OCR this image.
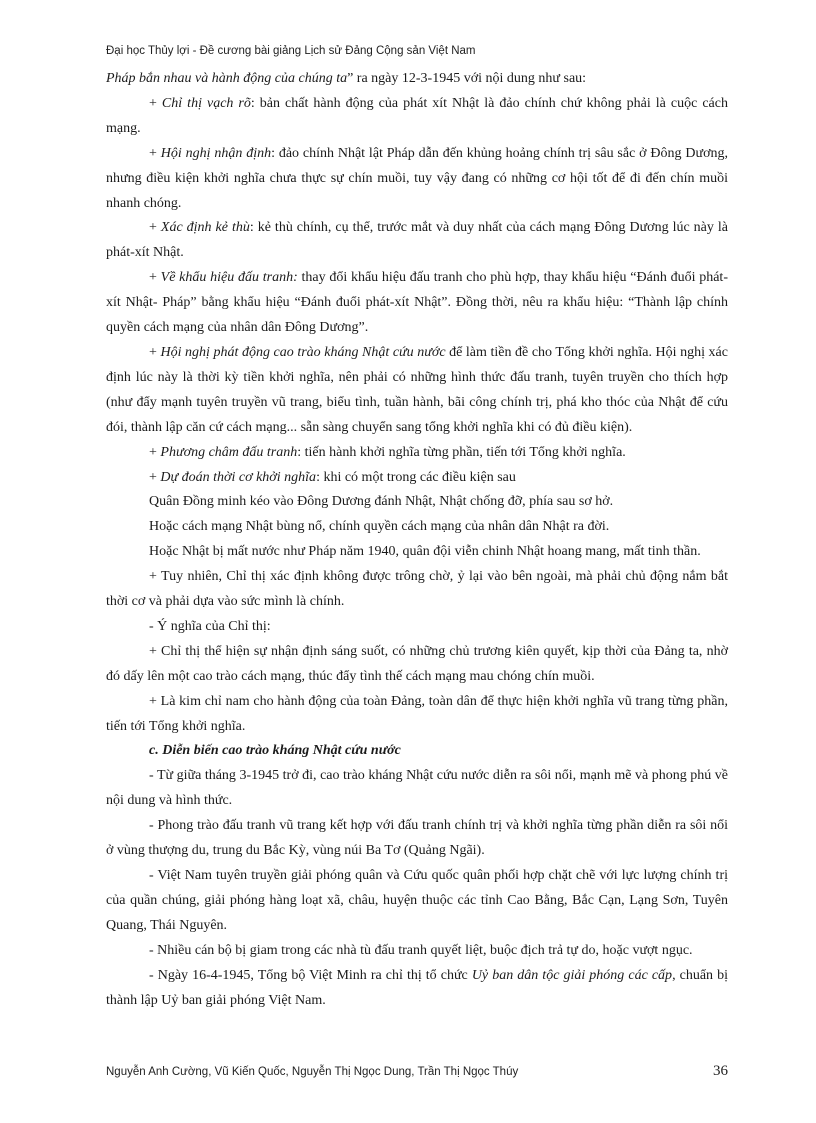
Đại học Thủy lợi - Đề cương bài giảng Lịch sử Đảng Cộng sản Việt Nam

Pháp bắn nhau và hành động của chúng ta” ra ngày 12-3-1945 với nội dung như sau:

+ Chỉ thị vạch rõ: bản chất hành động của phát xít Nhật là đảo chính chứ không phải là cuộc cách mạng.

+ Hội nghị nhận định: đảo chính Nhật lật Pháp dẫn đến khủng hoảng chính trị sâu sắc ở Đông Dương, nhưng điều kiện khởi nghĩa chưa thực sự chín muồi, tuy vậy đang có những cơ hội tốt để đi đến chín muồi nhanh chóng.

+ Xác định kẻ thù: kẻ thù chính, cụ thể, trước mắt và duy nhất của cách mạng Đông Dương lúc này là phát-xít Nhật.

+ Về khẩu hiệu đấu tranh: thay đổi khẩu hiệu đấu tranh cho phù hợp, thay khẩu hiệu “Đánh đuổi phát-xít Nhật- Pháp” bằng khẩu hiệu “Đánh đuổi phát-xít Nhật”. Đồng thời, nêu ra khẩu hiệu: “Thành lập chính quyền cách mạng của nhân dân Đông Dương”.

+ Hội nghị phát động cao trào kháng Nhật cứu nước để làm tiền đề cho Tổng khởi nghĩa. Hội nghị xác định lúc này là thời kỳ tiền khởi nghĩa, nên phải có những hình thức đấu tranh, tuyên truyền cho thích hợp (như đẩy mạnh tuyên truyền vũ trang, biểu tình, tuần hành, bãi công chính trị, phá kho thóc của Nhật để cứu đói, thành lập căn cứ cách mạng... sẵn sàng chuyển sang tổng khởi nghĩa khi có đủ điều kiện).

+ Phương châm đấu tranh: tiến hành khởi nghĩa từng phần, tiến tới Tổng khởi nghĩa.

+ Dự đoán thời cơ khởi nghĩa: khi có một trong các điều kiện sau

Quân Đồng minh kéo vào Đông Dương đánh Nhật, Nhật chống đỡ, phía sau sơ hở.

Hoặc cách mạng Nhật bùng nổ, chính quyền cách mạng của nhân dân Nhật ra đời.

Hoặc Nhật bị mất nước như Pháp năm 1940, quân đội viễn chinh Nhật hoang mang, mất tinh thần.

+ Tuy nhiên, Chỉ thị xác định không được trông chờ, ỷ lại vào bên ngoài, mà phải chủ động nắm bắt thời cơ và phải dựa vào sức mình là chính.

- Ý nghĩa của Chỉ thị:

+ Chỉ thị thể hiện sự nhận định sáng suốt, có những chủ trương kiên quyết, kịp thời của Đảng ta, nhờ đó dấy lên một cao trào cách mạng, thúc đẩy tình thế cách mạng mau chóng chín muồi.

+ Là kim chỉ nam cho hành động của toàn Đảng, toàn dân để thực hiện khởi nghĩa vũ trang từng phần, tiến tới Tổng khởi nghĩa.

c. Diễn biến cao trào kháng Nhật cứu nước

- Từ giữa tháng 3-1945 trở đi, cao trào kháng Nhật cứu nước diễn ra sôi nổi, mạnh mẽ và phong phú về nội dung và hình thức.

- Phong trào đấu tranh vũ trang kết hợp với đấu tranh chính trị và khởi nghĩa từng phần diễn ra sôi nổi ở vùng thượng du, trung du Bắc Kỳ, vùng núi Ba Tơ (Quảng Ngãi).

- Việt Nam tuyên truyền giải phóng quân và Cứu quốc quân phối hợp chặt chẽ với lực lượng chính trị của quần chúng, giải phóng hàng loạt xã, châu, huyện thuộc các tỉnh Cao Bằng, Bắc Cạn, Lạng Sơn, Tuyên Quang, Thái Nguyên.

- Nhiều cán bộ bị giam trong các nhà tù đấu tranh quyết liệt, buộc địch trả tự do, hoặc vượt ngục.

- Ngày 16-4-1945, Tổng bộ Việt Minh ra chỉ thị tổ chức Uỷ ban dân tộc giải phóng các cấp, chuẩn bị thành lập Uỷ ban giải phóng Việt Nam.

Nguyễn Anh Cường, Vũ Kiến Quốc, Nguyễn Thị Ngọc Dung, Trần Thị Ngọc Thúy	36
